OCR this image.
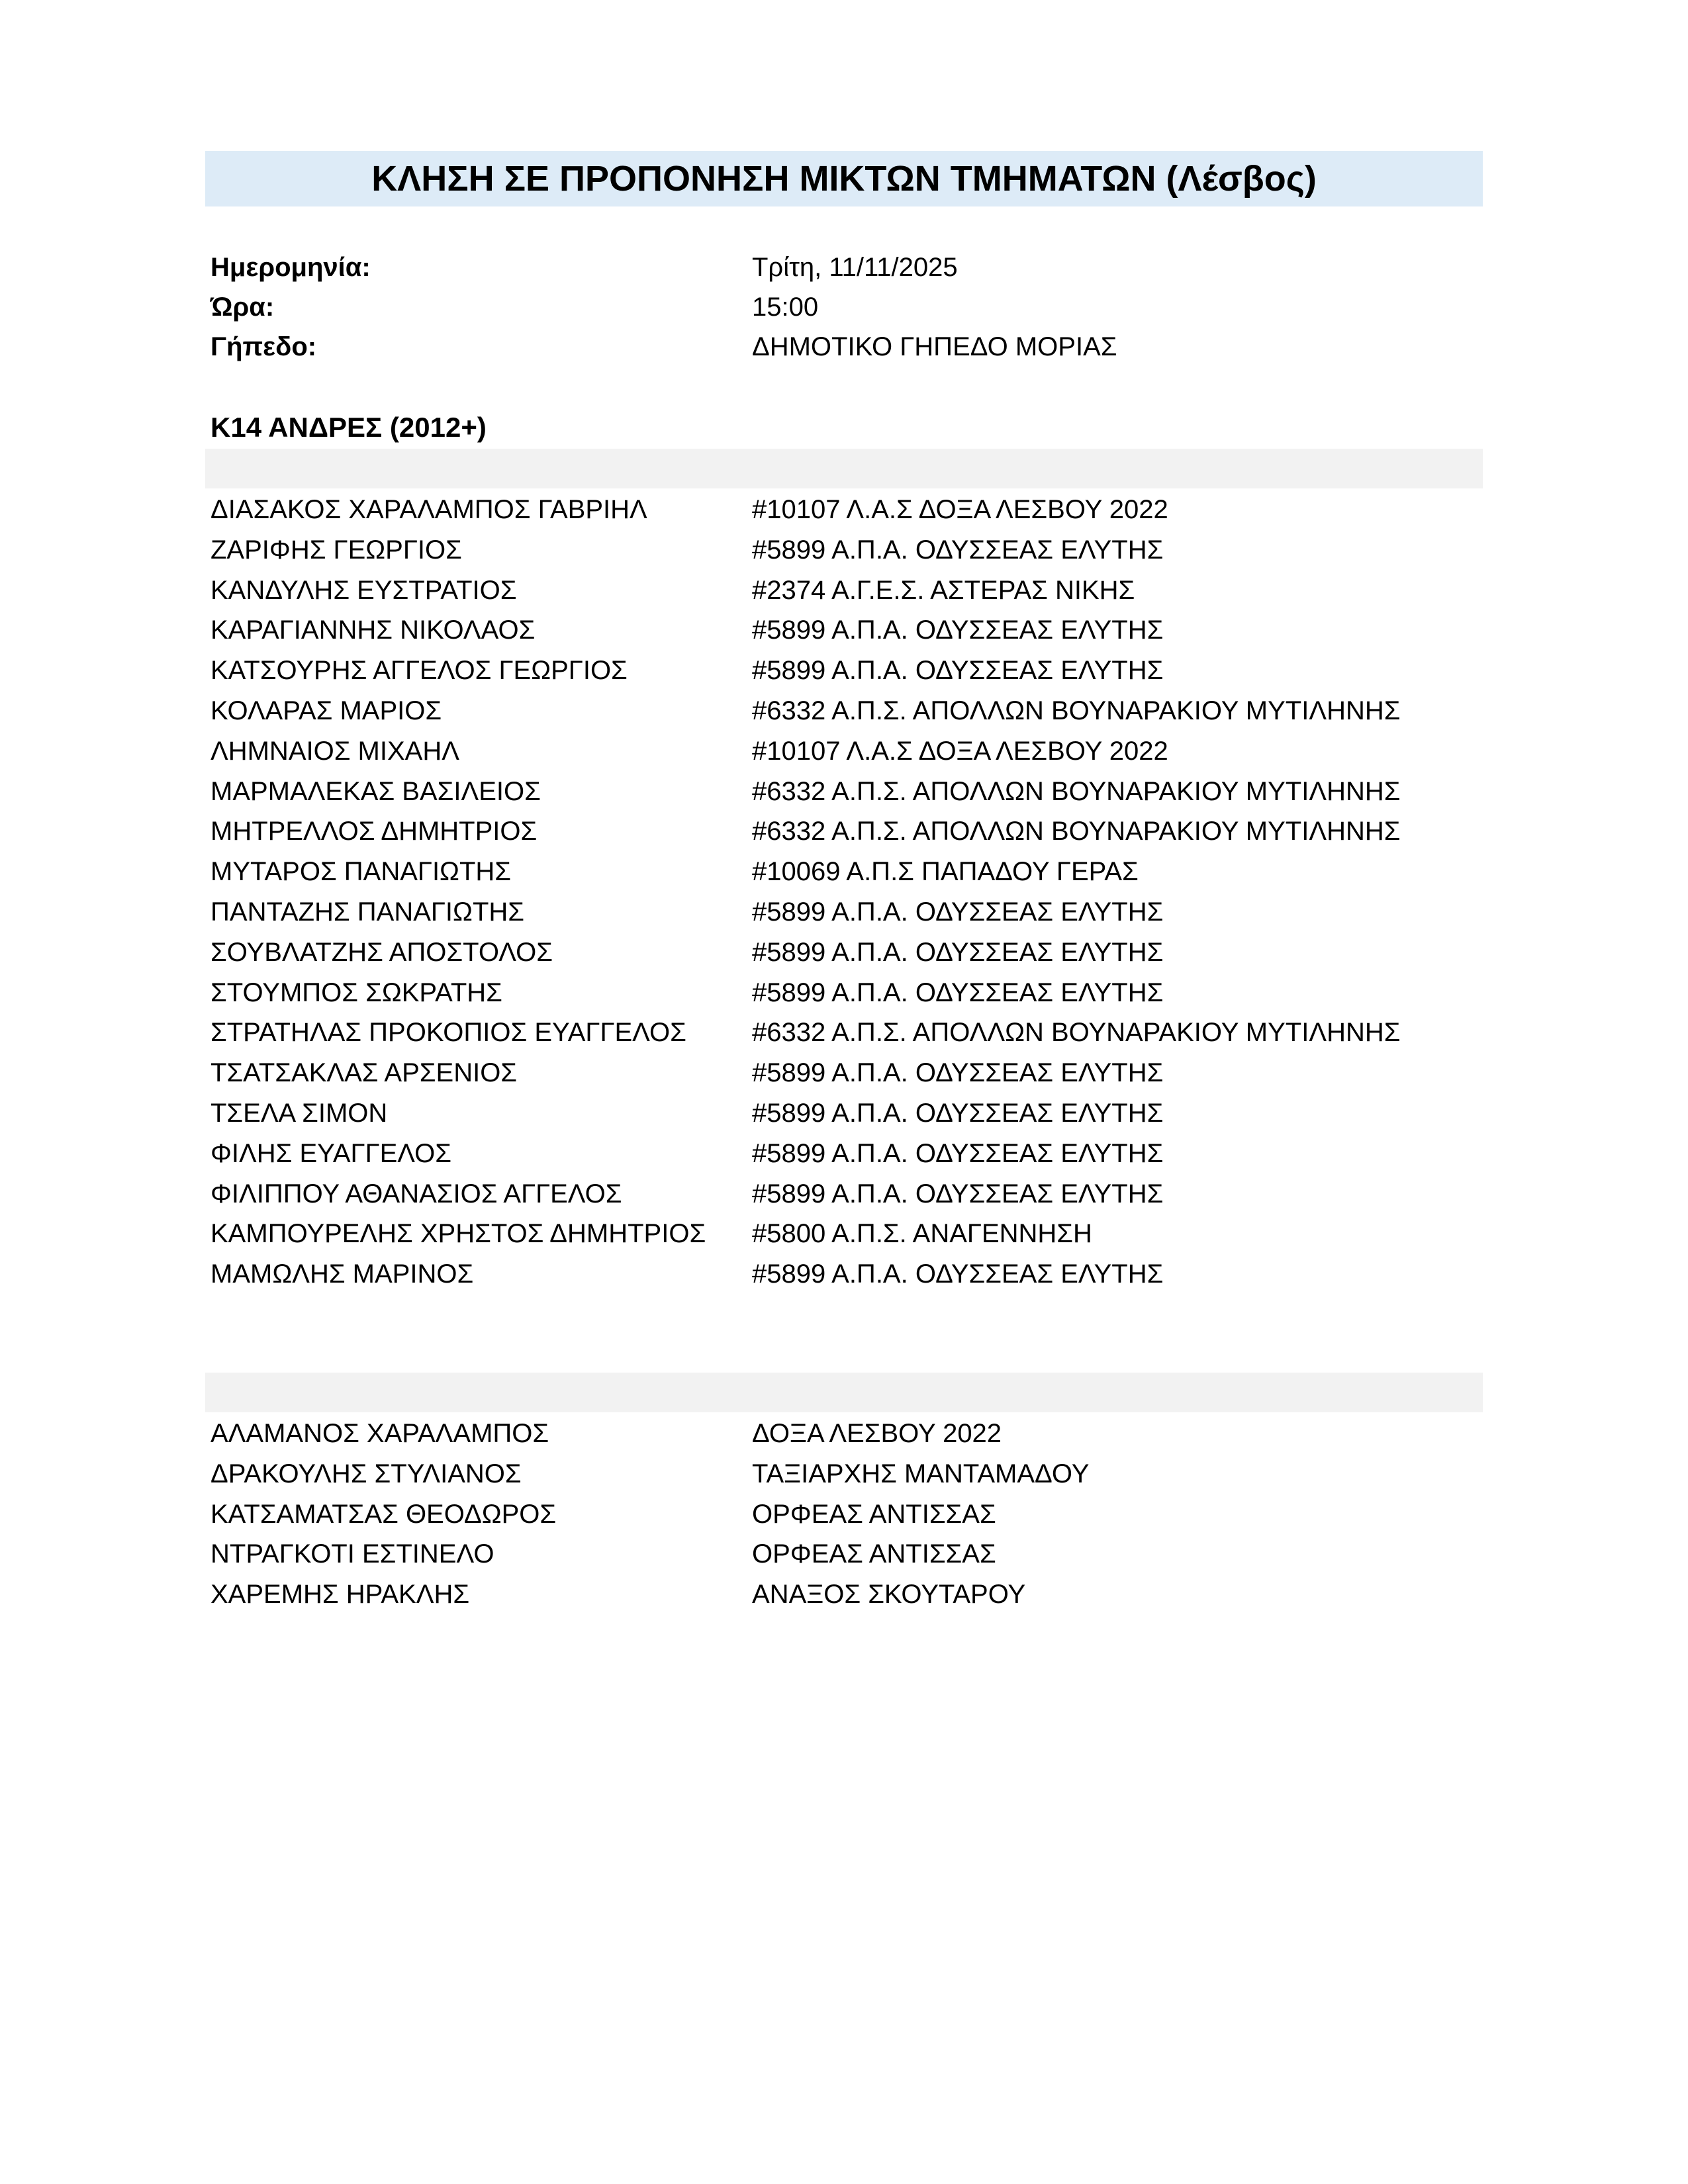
ΚΛΗΣΗ ΣΕ ΠΡΟΠΟΝΗΣΗ ΜΙΚΤΩΝ ΤΜΗΜΑΤΩΝ (Λέσβος)
Ημερομηνία:	Τρίτη, 11/11/2025
Ώρα:	15:00
Γήπεδο:	ΔΗΜΟΤΙΚΟ ΓΗΠΕΔΟ ΜΟΡΙΑΣ
Κ14 ΑΝΔΡΕΣ (2012+)
ΔΙΑΣΑΚΟΣ ΧΑΡΑΛΑΜΠΟΣ ΓΑΒΡΙΗΛ	#10107 Λ.Α.Σ ΔΟΞΑ ΛΕΣΒΟΥ 2022
ΖΑΡΙΦΗΣ ΓΕΩΡΓΙΟΣ	#5899 Α.Π.Α. ΟΔΥΣΣΕΑΣ ΕΛΥΤΗΣ
ΚΑΝΔΥΛΗΣ ΕΥΣΤΡΑΤΙΟΣ	#2374 Α.Γ.Ε.Σ. ΑΣΤΕΡΑΣ ΝΙΚΗΣ
ΚΑΡΑΓΙΑΝΝΗΣ ΝΙΚΟΛΑΟΣ	#5899 Α.Π.Α. ΟΔΥΣΣΕΑΣ ΕΛΥΤΗΣ
ΚΑΤΣΟΥΡΗΣ ΑΓΓΕΛΟΣ ΓΕΩΡΓΙΟΣ	#5899 Α.Π.Α. ΟΔΥΣΣΕΑΣ ΕΛΥΤΗΣ
ΚΟΛΑΡΑΣ ΜΑΡΙΟΣ	#6332 Α.Π.Σ. ΑΠΟΛΛΩΝ ΒΟΥΝΑΡΑΚΙΟΥ ΜΥΤΙΛΗΝΗΣ
ΛΗΜΝΑΙΟΣ ΜΙΧΑΗΛ	#10107 Λ.Α.Σ ΔΟΞΑ ΛΕΣΒΟΥ 2022
ΜΑΡΜΑΛΕΚΑΣ ΒΑΣΙΛΕΙΟΣ	#6332 Α.Π.Σ. ΑΠΟΛΛΩΝ ΒΟΥΝΑΡΑΚΙΟΥ ΜΥΤΙΛΗΝΗΣ
ΜΗΤΡΕΛΛΟΣ ΔΗΜΗΤΡΙΟΣ	#6332 Α.Π.Σ. ΑΠΟΛΛΩΝ ΒΟΥΝΑΡΑΚΙΟΥ ΜΥΤΙΛΗΝΗΣ
ΜΥΤΑΡΟΣ ΠΑΝΑΓΙΩΤΗΣ	#10069 Α.Π.Σ ΠΑΠΑΔΟΥ ΓΕΡΑΣ
ΠΑΝΤΑΖΗΣ ΠΑΝΑΓΙΩΤΗΣ	#5899 Α.Π.Α. ΟΔΥΣΣΕΑΣ ΕΛΥΤΗΣ
ΣΟΥΒΛΑΤΖΗΣ ΑΠΟΣΤΟΛΟΣ	#5899 Α.Π.Α. ΟΔΥΣΣΕΑΣ ΕΛΥΤΗΣ
ΣΤΟΥΜΠΟΣ ΣΩΚΡΑΤΗΣ	#5899 Α.Π.Α. ΟΔΥΣΣΕΑΣ ΕΛΥΤΗΣ
ΣΤΡΑΤΗΛΑΣ ΠΡΟΚΟΠΙΟΣ ΕΥΑΓΓΕΛΟΣ #6332 Α.Π.Σ. ΑΠΟΛΛΩΝ ΒΟΥΝΑΡΑΚΙΟΥ ΜΥΤΙΛΗΝΗΣ
ΤΣΑΤΣΑΚΛΑΣ ΑΡΣΕΝΙΟΣ	#5899 Α.Π.Α. ΟΔΥΣΣΕΑΣ ΕΛΥΤΗΣ
ΤΣΕΛΑ ΣΙΜΟΝ	#5899 Α.Π.Α. ΟΔΥΣΣΕΑΣ ΕΛΥΤΗΣ
ΦΙΛΗΣ ΕΥΑΓΓΕΛΟΣ	#5899 Α.Π.Α. ΟΔΥΣΣΕΑΣ ΕΛΥΤΗΣ
ΦΙΛΙΠΠΟΥ ΑΘΑΝΑΣΙΟΣ ΑΓΓΕΛΟΣ	#5899 Α.Π.Α. ΟΔΥΣΣΕΑΣ ΕΛΥΤΗΣ
ΚΑΜΠΟΥΡΕΛΗΣ ΧΡΗΣΤΟΣ ΔΗΜΗΤΡΙΟΣ #5800 Α.Π.Σ. ΑΝΑΓΕΝΝΗΣΗ
ΜΑΜΩΛΗΣ ΜΑΡΙΝΟΣ	#5899 Α.Π.Α. ΟΔΥΣΣΕΑΣ ΕΛΥΤΗΣ
ΑΛΑΜΑΝΟΣ ΧΑΡΑΛΑΜΠΟΣ	ΔΟΞΑ ΛΕΣΒΟΥ 2022
ΔΡΑΚΟΥΛΗΣ ΣΤΥΛΙΑΝΟΣ	ΤΑΞΙΑΡΧΗΣ ΜΑΝΤΑΜΑΔΟΥ
ΚΑΤΣΑΜΑΤΣΑΣ ΘΕΟΔΩΡΟΣ	ΟΡΦΕΑΣ ΑΝΤΙΣΣΑΣ
ΝΤΡΑΓΚΟΤΙ ΕΣΤΙΝΕΛΟ	ΟΡΦΕΑΣ ΑΝΤΙΣΣΑΣ
ΧΑΡΕΜΗΣ ΗΡΑΚΛΗΣ	ΑΝΑΞΟΣ ΣΚΟΥΤΑΡΟΥ
